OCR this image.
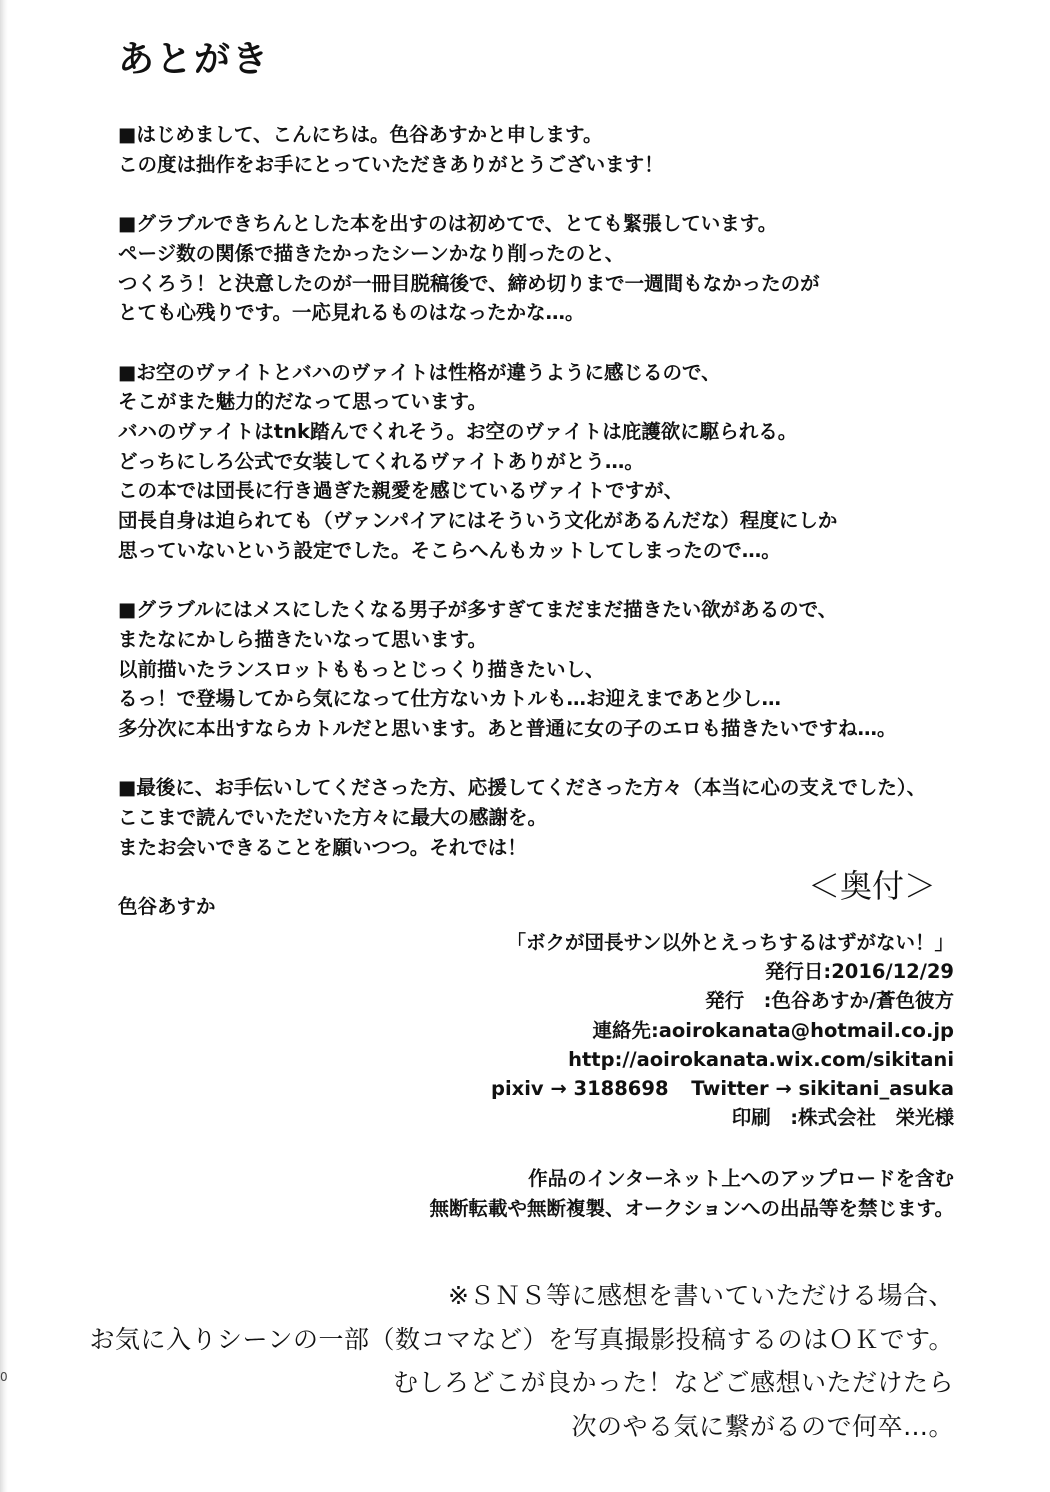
あとがき
■はじめまして、こんにちは。色谷あすかと申します。
この度は拙作をお手にとっていただきありがとうございます！
■グラブルできちんとした本を出すのは初めてで、とても緊張しています。
ページ数の関係で描きたかったシーンかなり削ったのと、
つくろう！と決意したのが一冊目脱稿後で、締め切りまで一週間もなかったのが
とても心残りです。一応見れるものはなったかな…。
■お空のヴァイトとバハのヴァイトは性格が違うように感じるので、
そこがまた魅力的だなって思っています。
バハのヴァイトはtnk踏んでくれそう。お空のヴァイトは庇護欲に駆られる。
どっちにしろ公式で女装してくれるヴァイトありがとう…。
この本では団長に行き過ぎた親愛を感じているヴァイトですが、
団長自身は迫られても（ヴァンパイアにはそういう文化があるんだな）程度にしか
思っていないという設定でした。そこらへんもカットしてしまったので…。
■グラブルにはメスにしたくなる男子が多すぎてまだまだ描きたい欲があるので、
またなにかしら描きたいなって思います。
以前描いたランスロットももっとじっくり描きたいし、
るっ！で登場してから気になって仕方ないカトルも…お迎えまであと少し…
多分次に本出すならカトルだと思います。あと普通に女の子のエロも描きたいですね…。
■最後に、お手伝いしてくださった方、応援してくださった方々（本当に心の支えでした）、
ここまで読んでいただいた方々に最大の感謝を。
またお会いできることを願いつつ。それでは！
色谷あすか
＜奥付＞
「ボクが団長サン以外とえっちするはずがない！」
発行日:2016/12/29
発行　:色谷あすか/蒼色彼方
連絡先:aoirokanata@hotmail.co.jp
http://aoirokanata.wix.com/sikitani
pixiv → 3188698 Twitter → sikitani_asuka
印刷　:株式会社　栄光様
作品のインターネット上へのアップロードを含む
無断転載や無断複製、オークションへの出品等を禁じます。
※ＳＮＳ等に感想を書いていただける場合、
お気に入りシーンの一部（数コマなど）を写真撮影投稿するのはＯＫです。
むしろどこが良かった！などご感想いただけたら
次のやる気に繋がるので何卒…。
0
